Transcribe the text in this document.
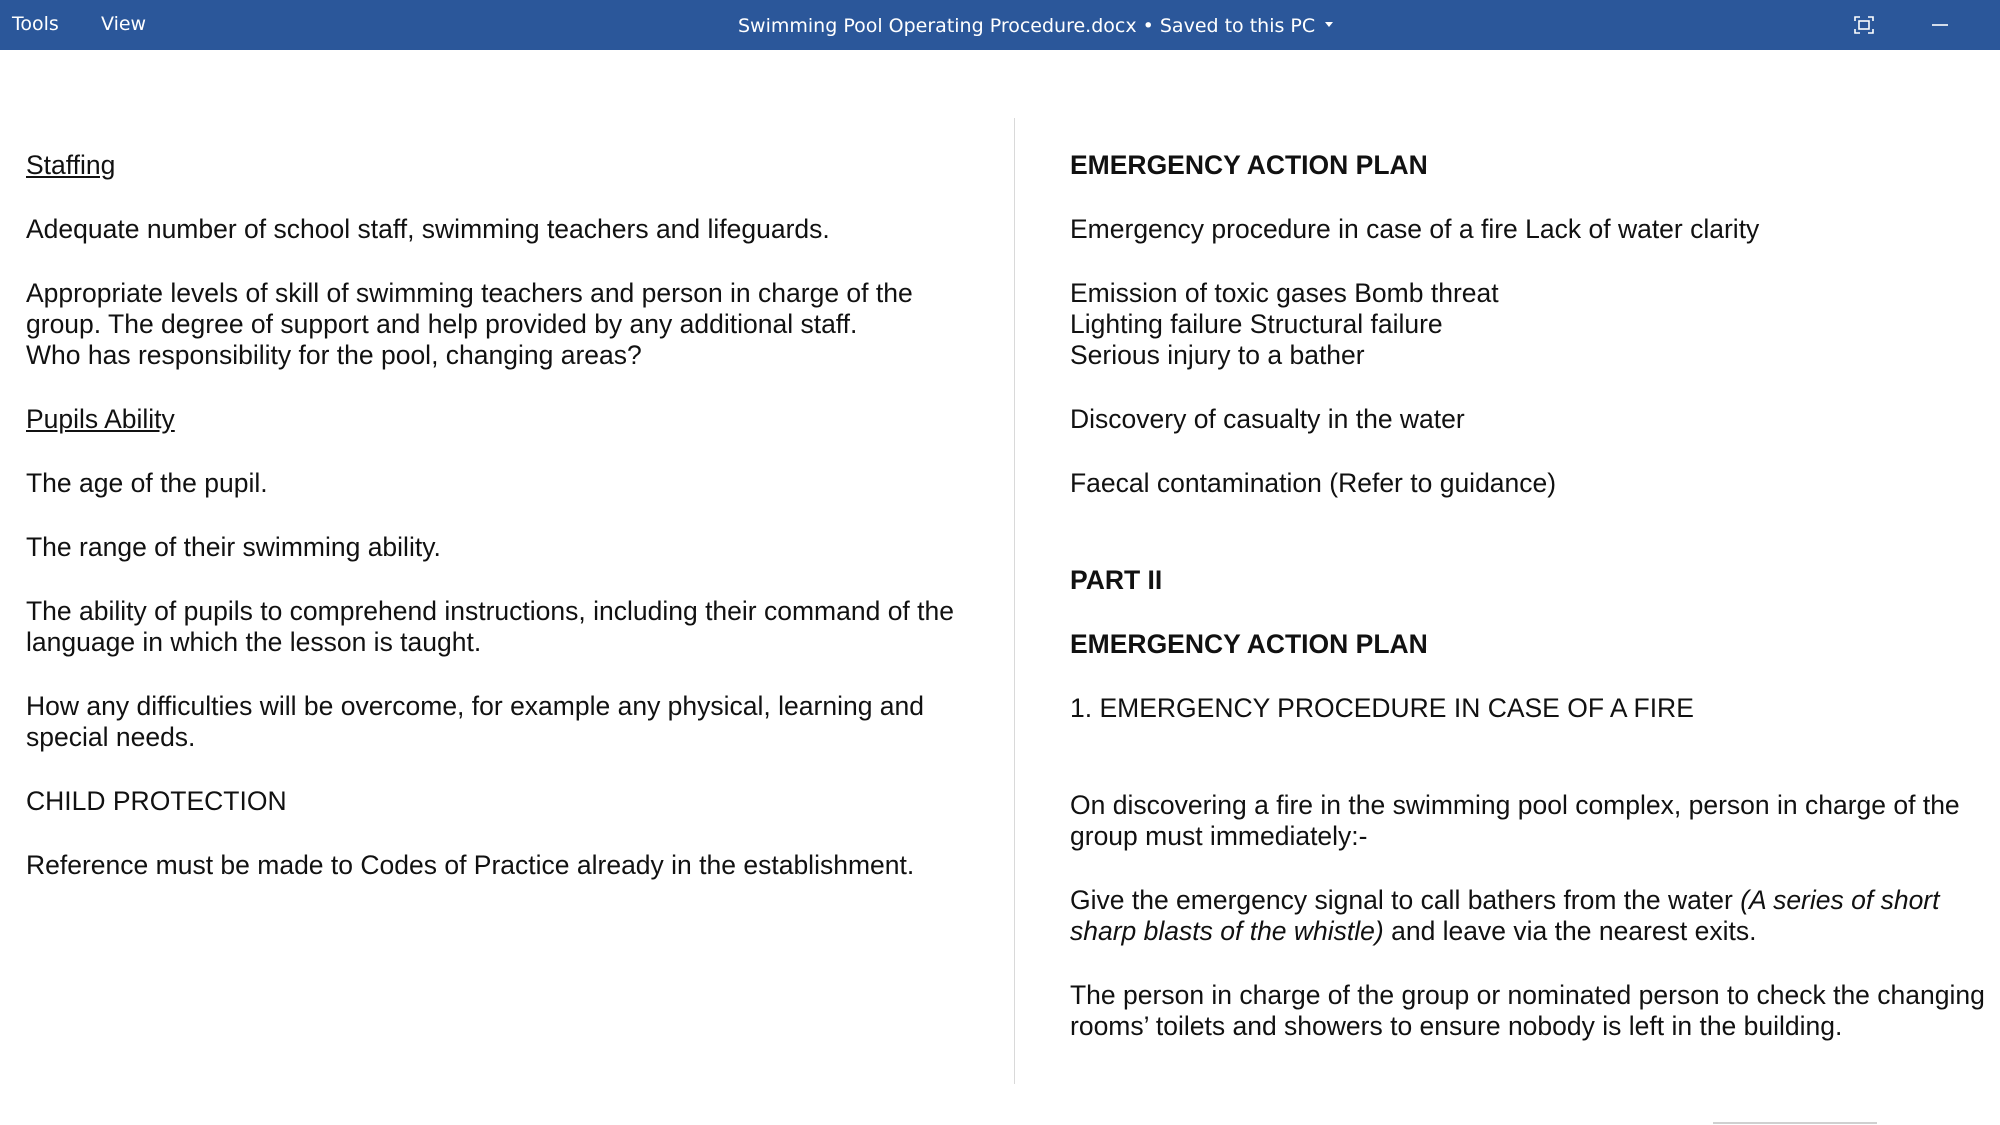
Tools View	Swimming Pool Operating Procedure.docx • Saved to this PC

Staffing

Adequate number of school staff, swimming teachers and lifeguards.

Appropriate levels of skill of swimming teachers and person in charge of the
group. The degree of support and help provided by any additional staff.
Who has responsibility for the pool, changing areas?

Pupils Ability

The age of the pupil.

The range of their swimming ability.

The ability of pupils to comprehend instructions, including their command of the
language in which the lesson is taught.

How any difficulties will be overcome, for example any physical, learning and
special needs.

CHILD PROTECTION

Reference must be made to Codes of Practice already in the establishment.

EMERGENCY ACTION PLAN

Emergency procedure in case of a fire Lack of water clarity

Emission of toxic gases Bomb threat
Lighting failure Structural failure
Serious injury to a bather

Discovery of casualty in the water

Faecal contamination (Refer to guidance)

PART II

EMERGENCY ACTION PLAN

1. EMERGENCY PROCEDURE IN CASE OF A FIRE

On discovering a fire in the swimming pool complex, person in charge of the
group must immediately:-

Give the emergency signal to call bathers from the water (A series of short
sharp blasts of the whistle) and leave via the nearest exits.

The person in charge of the group or nominated person to check the changing
rooms’ toilets and showers to ensure nobody is left in the building.
